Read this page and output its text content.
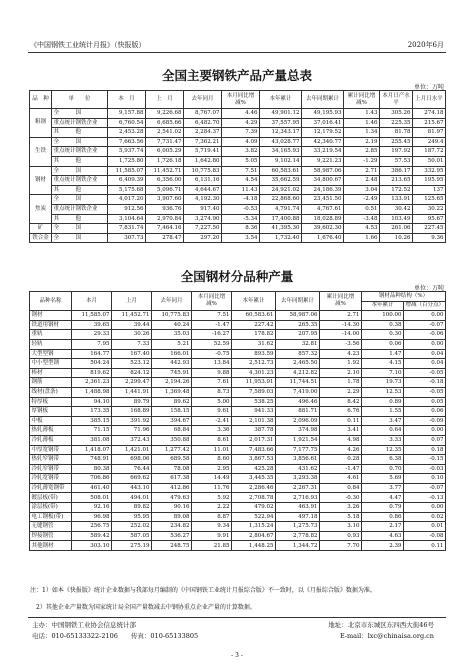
《中国钢铁工业统计月报》（快报版）	2020年6月
全国主要钢铁产品产量总表
单位：万吨
品　种	单　　位	本　月	上　月	去年同月	本月同比增减%	本年累计	去年同期累计	累计同比增减%	本月日产水平	上月日水平
粗钢	全　　　国	9,157.88	9,226.68	8,767.07	4.46	49,901.12	49,195.93	1.43	305.26	274.18
	重点统计钢铁企业	6,760.54	6,685.66	6,482.70	4.29	37,557.95	37,016.41	1.46	225.35	215.67
	其　　　他	2,453.28	2,541.02	2,284.37	7.39	12,343.17	12,179.52	1.34	81.78	81.97
生铁	全　　　国	7,663.56	7,731.47	7,362.21	4.09	43,028.77	42,340.77	2.19	255.45	249.4
	重点统计钢铁企业	5,937.74	6,005.29	5,719.41	3.82	34,165.93	33,219.54	2.85	197.92	187.72
	其　　　他	1,725.80	1,726.18	1,642.80	5.05	9,102.14	9,221.23	-1.29	57.53	50.01
钢材	全　　　国	11,585.07	11,452.71	10,775.83	7.51	60,583.61	58,987.06	2.71	386.17	332.95
	重点统计钢铁企业	6,409.39	6,356.00	6,131.16	4.54	35,662.59	34,800.67	2.48	213.65	195.95
	其　　　他	5,175.68	5,096.71	4,644.67	11.43	24,921.02	24,186.39	3.04	172.52	137
焦炭	全　　　国	4,017.20	3,907.60	4,192.30	-4.18	22,868.60	23,451.50	-2.49	133.91	125.65
	重点统计钢铁企业	912.56	936.76	917.40	-0.53	4,791.74	4,767.61	0.51	30.42	30.22
	其　　　他	3,104.64	2,970.84	3,274.90	-5.34	17,400.88	18,028.89	-3.48	103.49	95.67
矿	全　　　国	7,831.74	7,464.16	7,227.50	8.36	41,395.30	39,602.30	4.53	261.06	227.45
铁合金	全　　　国	307.73	278.47	297.20	3.54	1,732.40	1,676.40	1.66	10.26	9.36
全国钢材分品种产量
单位：万吨
品种名称	本月	上月	去年同月	本月同比增减%	本年累计	去年同期累计	累计同比增减%	钢材品种结构（%）	
								本年累计	增减（百分点）
钢材	11,585.07	11,452.71	10,775.83	7.51	60,583.61	58,987.06	2.71	100.00	0.00
铁道用钢材	39.65	39.44	40.24	-1.47	227.42	265.35	-14.30	0.38	-0.07
重轨	29.33	30.26	35.03	-16.27	178.82	207.95	-14.00	0.30	-0.06
轻轨	7.95	7.33	5.21	52.59	31.62	32.81	-3.56	0.06	0.00
大型型钢	164.77	167.40	166.01	-0.75	893.59	857.32	4.23	1.47	0.04
中小型型钢	504.24	523.12	442.93	13.84	2,512.73	2,465.50	1.92	4.15	0.04
棒材	819.62	824.12	745.91	9.88	4,301.23	4,212.82	2.10	7.10	-0.05
钢筋	2,361.23	2,299.47	2,194.26	7.61	11,953.91	11,744.51	1.78	19.73	-0.18
线材(盘条)	1,488.98	1,441.91	1,369.48	8.73	7,589.03	7,419.00	2.29	12.53	-0.05
特厚板	94.10	89.79	89.62	5.00	538.25	496.46	8.42	0.89	0.05
厚钢板	173.35	168.89	158.15	9.61	941.33	881.71	6.76	1.55	0.06
中板	385.15	391.92	394.67	-2.41	2,101.38	2,096.09	0.11	3.47	-0.09
热轧薄板	71.15	71.96	68.84	3.36	387.78	374.98	3.41	0.64	0.00
冷轧薄板	381.08	372.43	350.88	8.61	2,017.31	1,921.54	4.98	3.33	0.07
中厚宽钢带	1,418.07	1,421.01	1,277.42	11.01	7,483.66	7,177.75	4.26	12.35	0.18
热轧窄钢带	748.91	698.06	689.58	8.60	3,867.53	3,856.61	0.28	6.38	-0.15
冷轧窄钢带	80.38	76.44	78.08	2.95	425.28	431.62	-1.47	0.70	-0.03
冷轧宽钢带	706.86	669.62	617.38	14.49	3,445.35	3,293.38	4.61	5.69	0.10
冷轧薄宽钢带	461.40	443.10	412.86	11.76	2,286.46	2,267.31	0.84	3.77	-0.07
镀层板(带)	508.01	494.01	479.63	5.92	2,708.78	2,716.93	-0.30	4.47	-0.13
涂层板(带)	92.16	89.82	90.16	2.22	479.02	463.91	3.26	0.79	0.00
电工钢板(带)	96.98	95.95	89.08	8.87	522.94	497.18	5.18	0.86	0.02
无缝钢管	256.75	252.02	234.82	9.34	1,315.24	1,275.73	3.10	2.17	0.01
焊接钢管	589.42	587.05	536.27	9.91	2,804.67	2,778.82	0.93	4.63	-0.08
其他钢材	303.10	275.19	248.75	21.85	1,448.25	1,344.72	7.70	2.39	0.11
注：1）如本《快报版》统计企业数据与我部每月编制的《中国钢铁工业统计月报综合版》不一致时，以《月报综合版》数据为准。
2）其他企业产量数为国家统计局全国产量数减去中钢协重点企业产量的计算数据。
主办：中国钢铁工业协会信息统计部	地址：北京市东城区东四西大街46号
电话：010-65133322-2106　　传真：010-65133805	E-mail：lxc@chinaisa.org.cn
- 3 -
